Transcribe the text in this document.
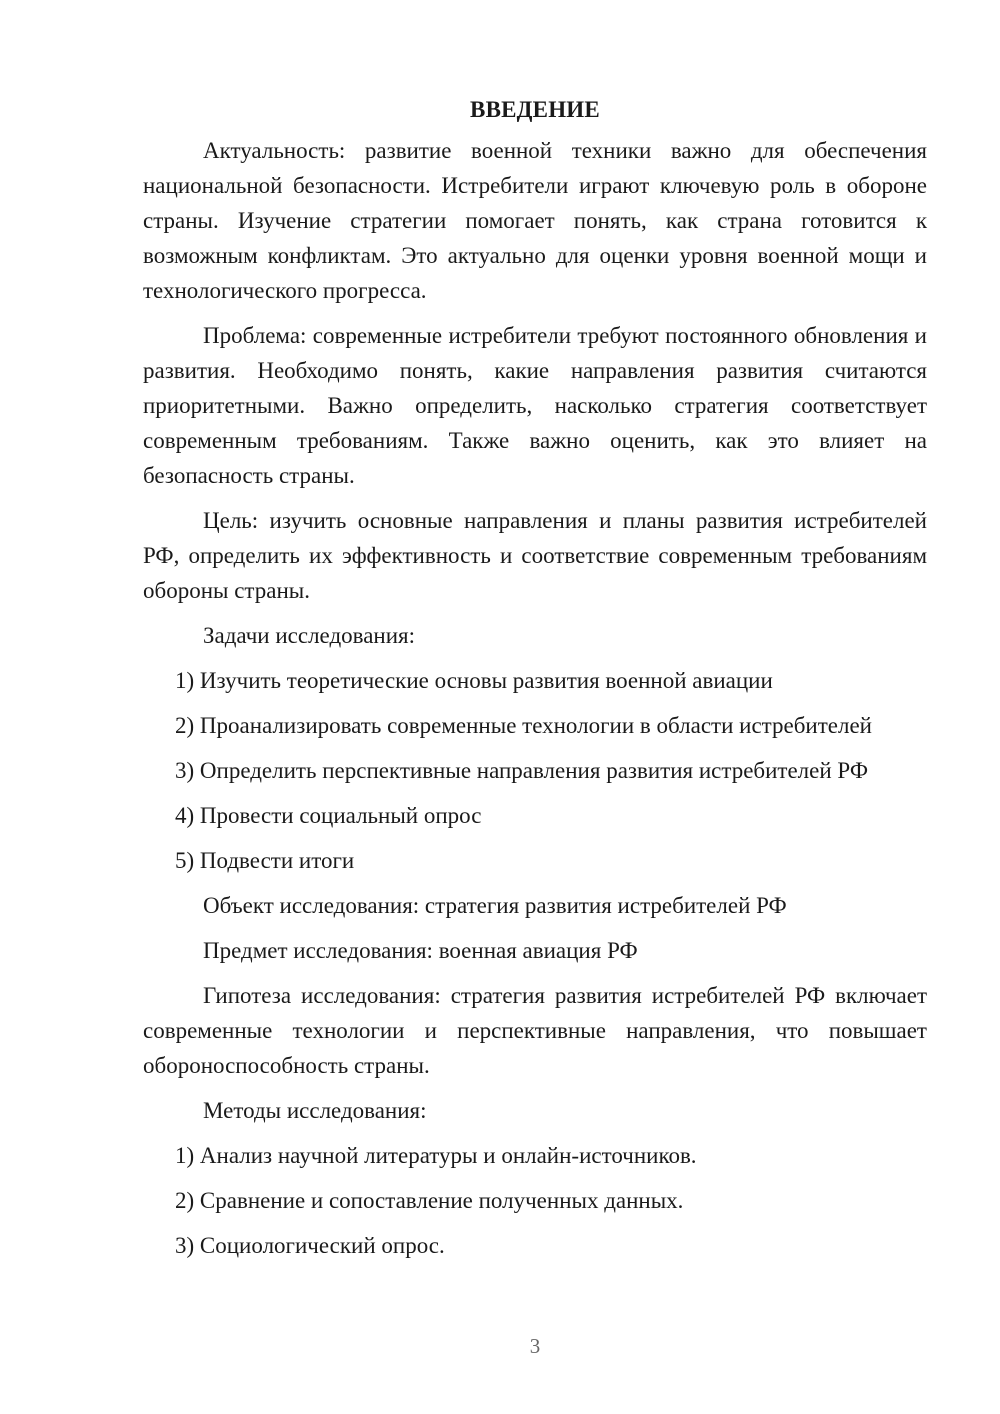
ВВЕДЕНИЕ

Актуальность: развитие военной техники важно для обеспечения национальной безопасности. Истребители играют ключевую роль в обороне страны. Изучение стратегии помогает понять, как страна готовится к возможным конфликтам. Это актуально для оценки уровня военной мощи и технологического прогресса.

Проблема: современные истребители требуют постоянного обновления и развития. Необходимо понять, какие направления развития считаются приоритетными. Важно определить, насколько стратегия соответствует современным требованиям. Также важно оценить, как это влияет на безопасность страны.

Цель: изучить основные направления и планы развития истребителей РФ, определить их эффективность и соответствие современным требованиям обороны страны.

Задачи исследования:

1) Изучить теоретические основы развития военной авиации

2) Проанализировать современные технологии в области истребителей

3) Определить перспективные направления развития истребителей РФ

4) Провести социальный опрос

5) Подвести итоги

Объект исследования: стратегия развития истребителей РФ

Предмет исследования: военная авиация РФ

Гипотеза исследования: стратегия развития истребителей РФ включает современные технологии и перспективные направления, что повышает обороноспособность страны.

Методы исследования:

1) Анализ научной литературы и онлайн-источников.

2) Сравнение и сопоставление полученных данных.

3) Социологический опрос.

3
